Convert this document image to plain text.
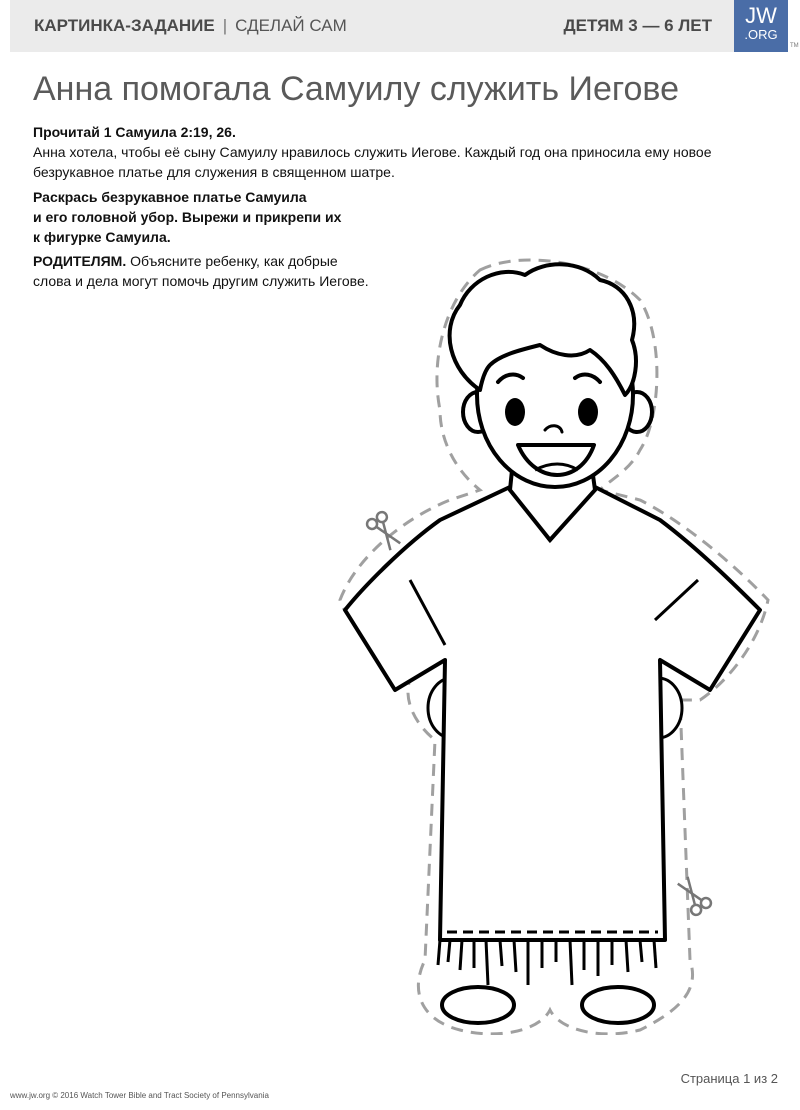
КАРТИНКА-ЗАДАНИЕ | СДЕЛАЙ САМ	ДЕТЯМ 3 — 6 ЛЕТ	JW
.ORG
TM
Анна помогала Самуилу служить Иегове
Прочитай 1 Самуила 2:19, 26.
Анна хотела, чтобы её сыну Самуилу нравилось служить Иегове. Каждый год она приносила ему новое безрукавное платье для служения в священном шатре.
Раскрась безрукавное платье Самуила
и его головной убор. Вырежи и прикрепи их
к фигурке Самуила.
РОДИТЕЛЯМ. Объясните ребенку, как добрые слова и дела могут помочь другим служить Иегове.
www.jw.org © 2016 Watch Tower Bible and Tract Society of Pennsylvania
Страница 1 из 2
